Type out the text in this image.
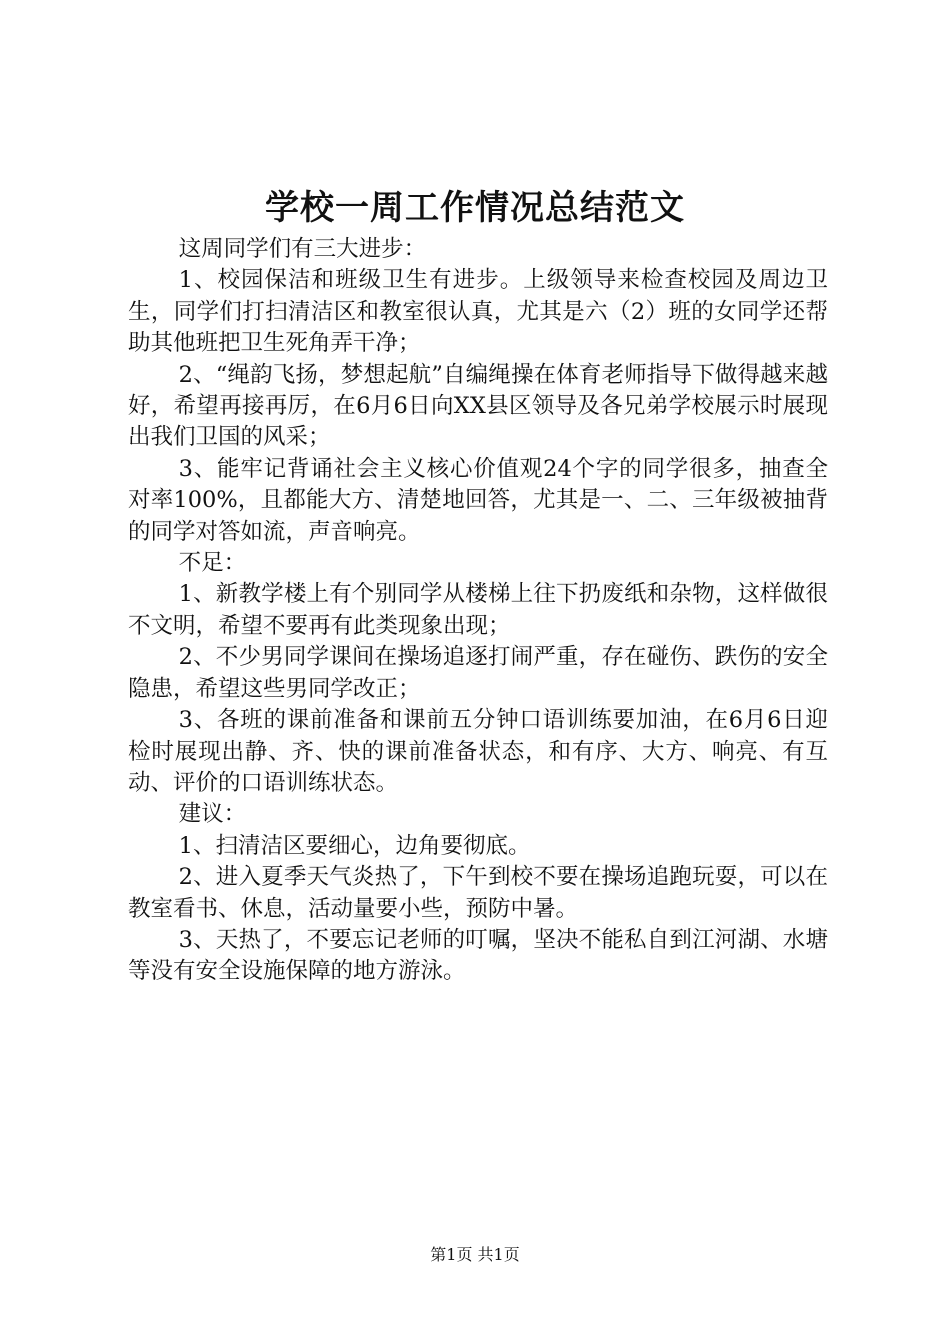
学校一周工作情况总结范文

这周同学们有三大进步：

1、校园保洁和班级卫生有进步。上级领导来检查校园及周边卫生，同学们打扫清洁区和教室很认真，尤其是六（2）班的女同学还帮助其他班把卫生死角弄干净；

2、“绳韵飞扬，梦想起航”自编绳操在体育老师指导下做得越来越好，希望再接再厉，在6月6日向XX县区领导及各兄弟学校展示时展现出我们卫国的风采；

3、能牢记背诵社会主义核心价值观24个字的同学很多，抽查全对率100%，且都能大方、清楚地回答，尤其是一、二、三年级被抽背的同学对答如流，声音响亮。

不足：

1、新教学楼上有个别同学从楼梯上往下扔废纸和杂物，这样做很不文明，希望不要再有此类现象出现；

2、不少男同学课间在操场追逐打闹严重，存在碰伤、跌伤的安全隐患，希望这些男同学改正；

3、各班的课前准备和课前五分钟口语训练要加油，在6月6日迎检时展现出静、齐、快的课前准备状态，和有序、大方、响亮、有互动、评价的口语训练状态。

建议：

1、扫清洁区要细心，边角要彻底。

2、进入夏季天气炎热了，下午到校不要在操场追跑玩耍，可以在教室看书、休息，活动量要小些，预防中暑。

3、天热了，不要忘记老师的叮嘱，坚决不能私自到江河湖、水塘等没有安全设施保障的地方游泳。

第1页 共1页
